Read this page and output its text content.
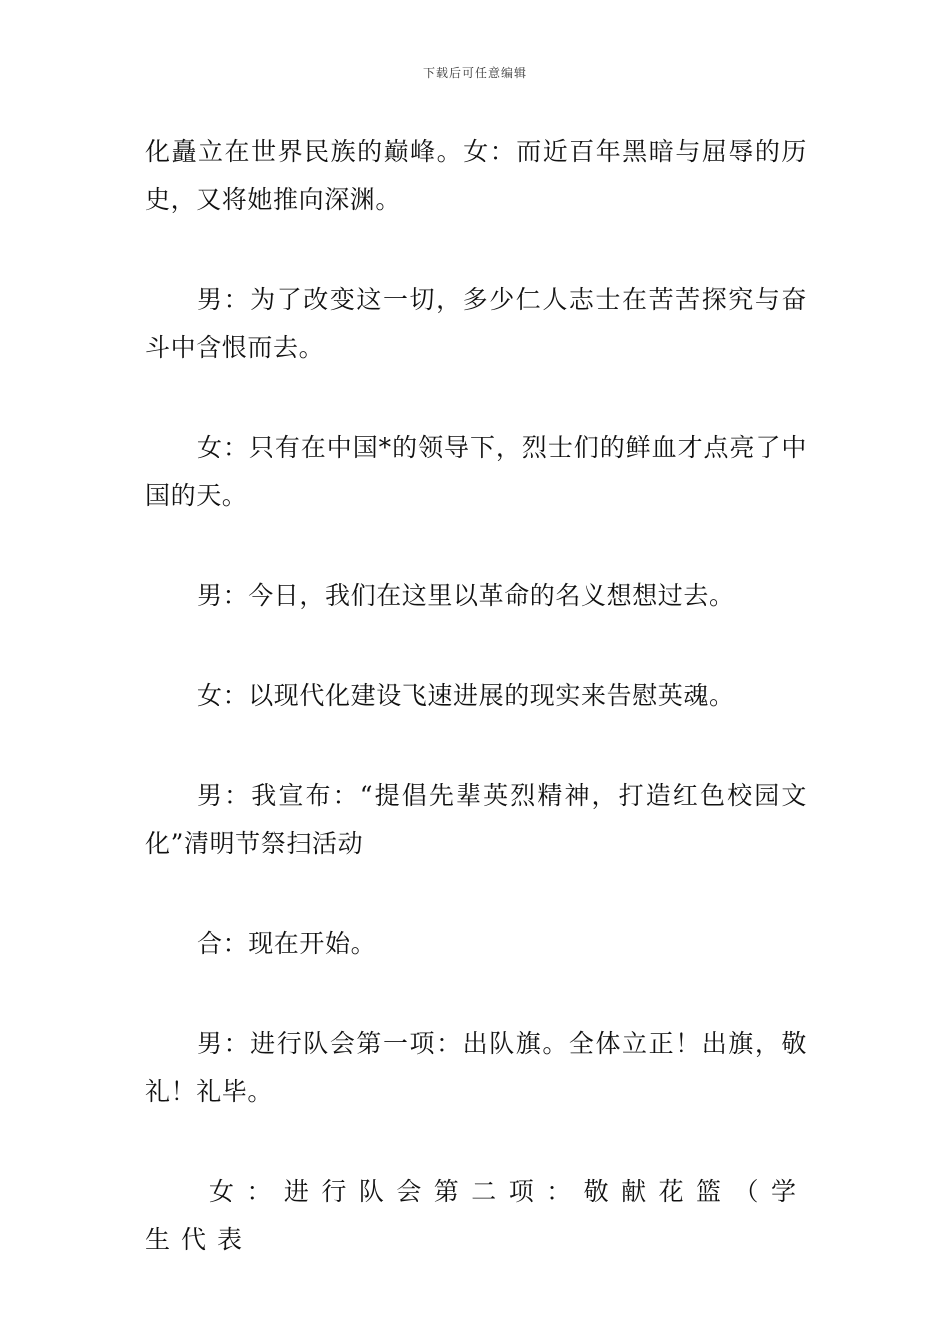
下载后可任意编辑

化矗立在世界民族的巅峰。女：而近百年黑暗与屈辱的历史，又将她推向深渊。

男：为了改变这一切，多少仁人志士在苦苦探究与奋斗中含恨而去。

女：只有在中国*的领导下，烈士们的鲜血才点亮了中国的天。

男：今日，我们在这里以革命的名义想想过去。

女：以现代化建设飞速进展的现实来告慰英魂。

男：我宣布：“提倡先辈英烈精神，打造红色校园文化”清明节祭扫活动

合：现在开始。

男：进行队会第一项：出队旗。全体立正！出旗，敬礼！礼毕。

女：进行队会第二项：敬献花篮（学生代表
